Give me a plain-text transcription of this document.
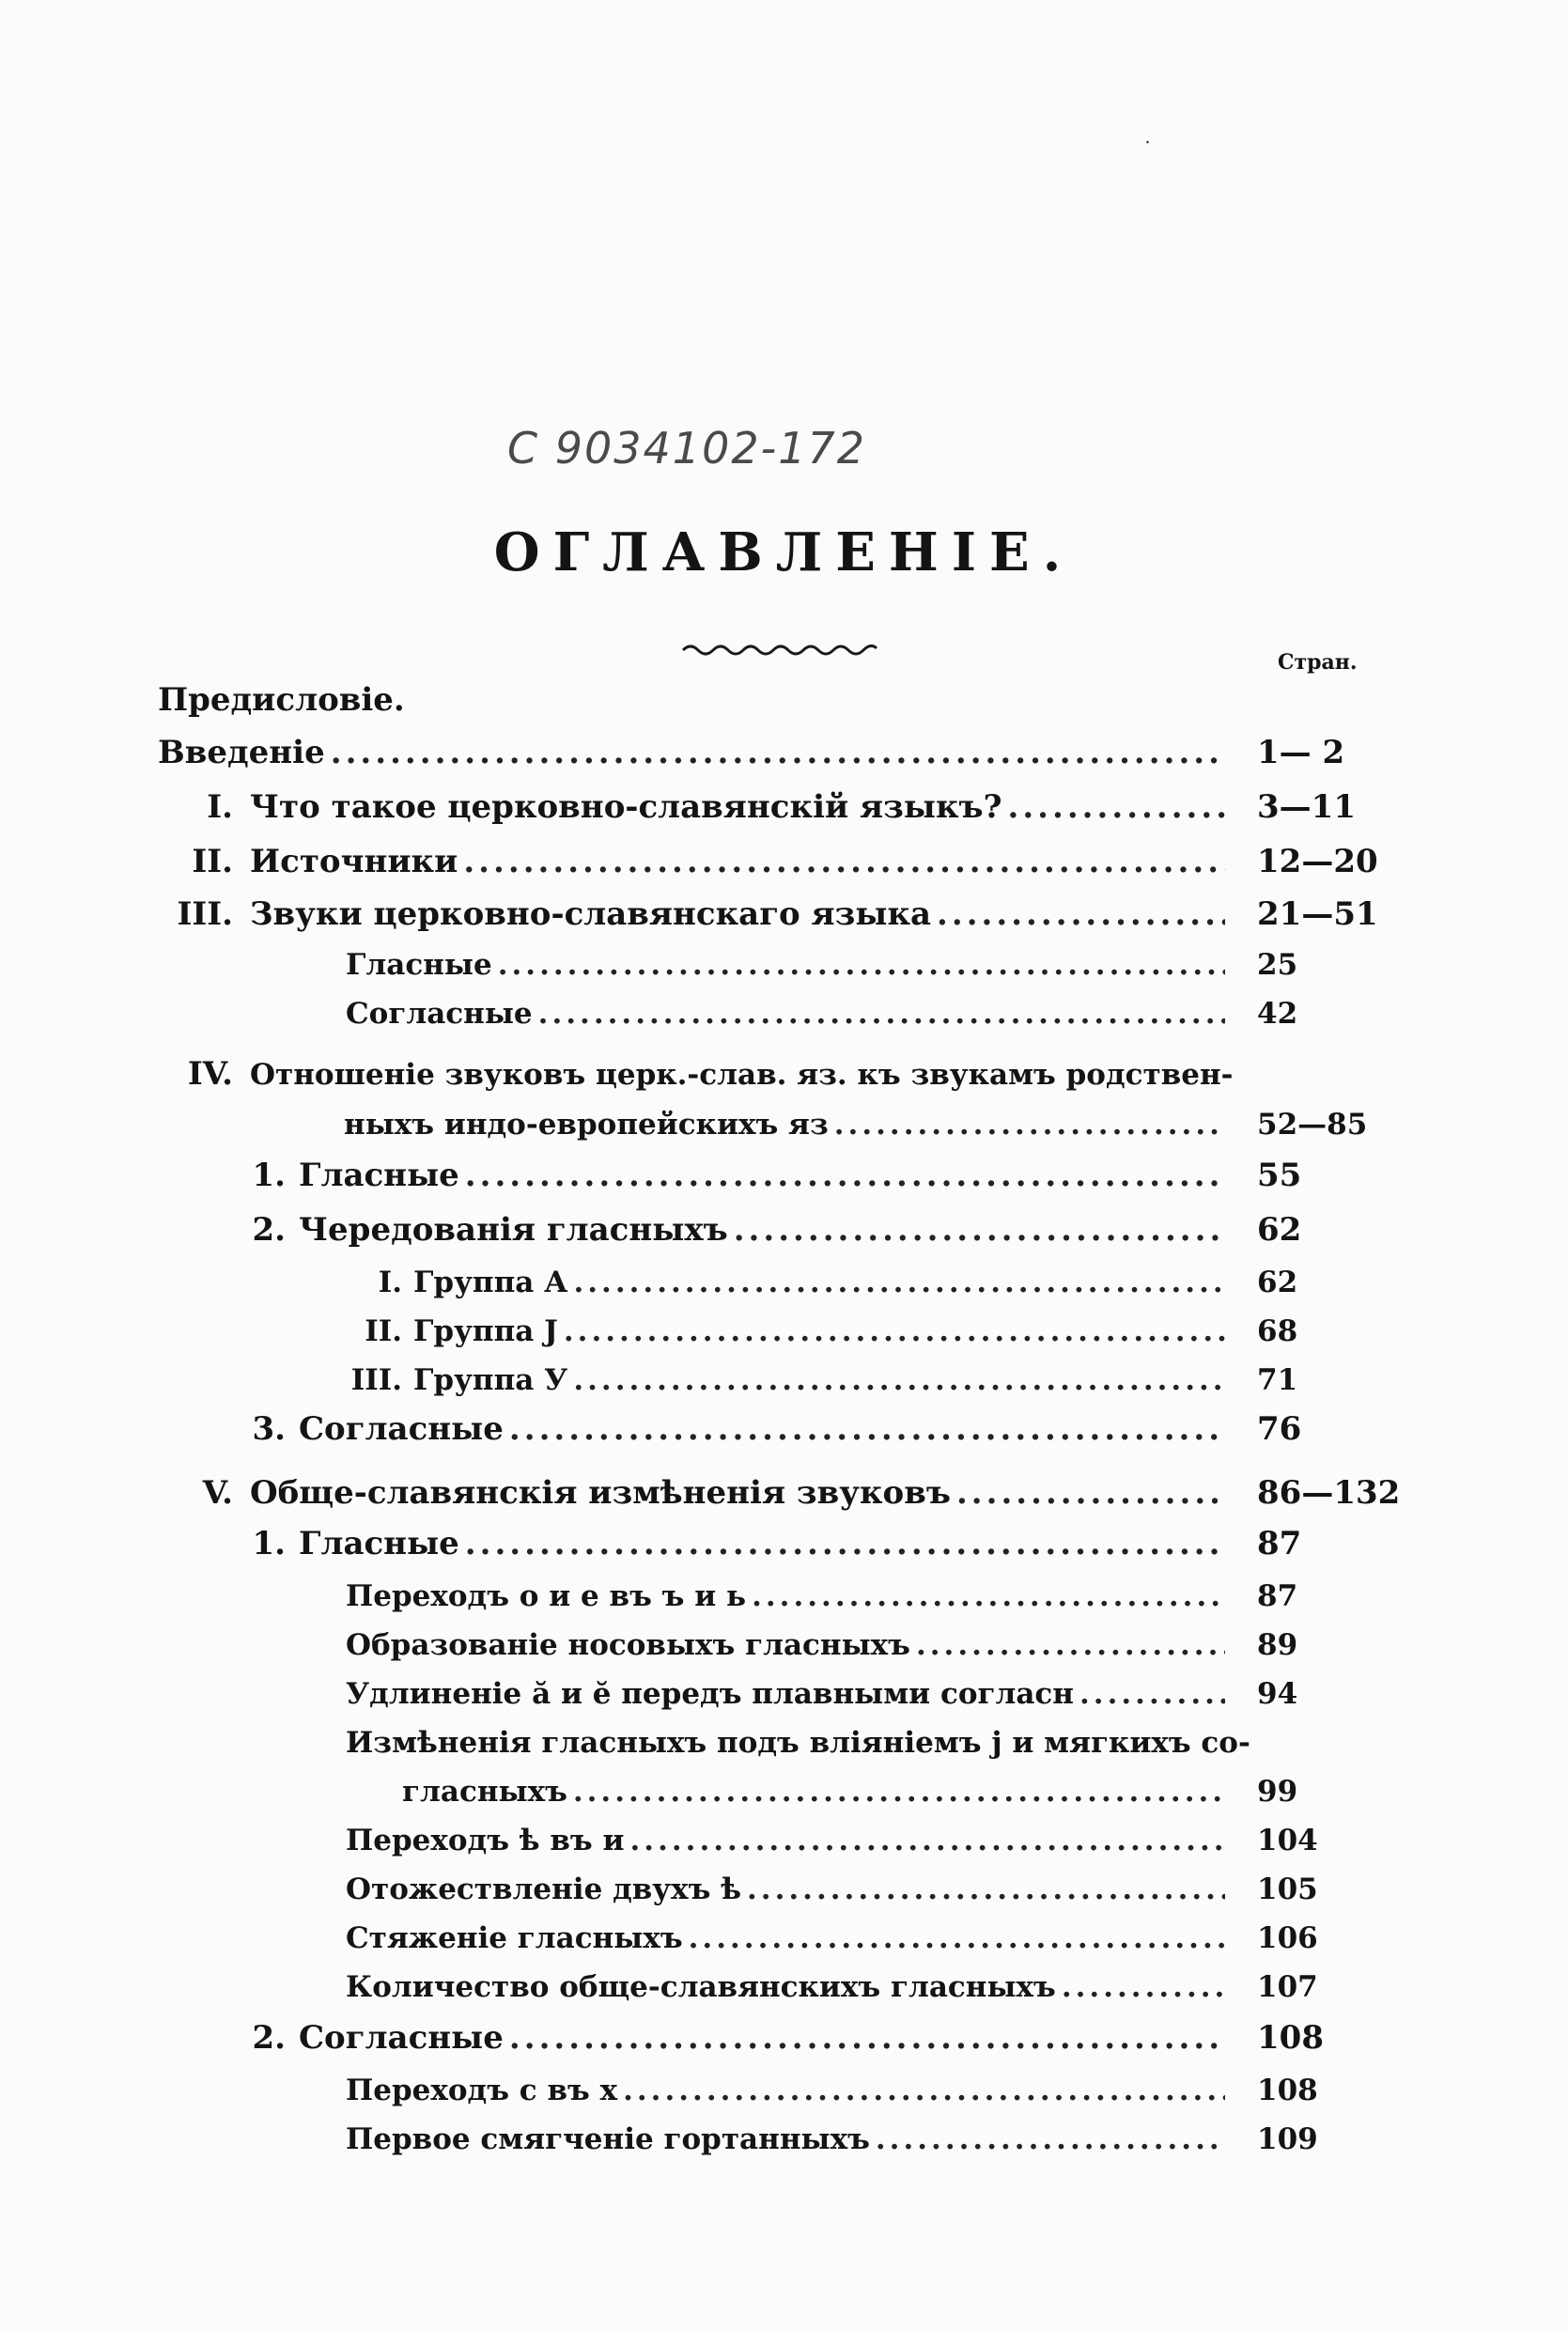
˙
С 9034102-172
ОГЛАВЛЕНІЕ.
Стран.
Предисловіе.
Введеніе .....	1— 2
I. Что такое церковно-славянскій языкъ? .....	3—11
II. Источники .....	12—20
III. Звуки церковно-славянскаго языка .....	21—51
Гласные .....	25
Согласные .....	42
IV. Отношеніе звуковъ церк.-слав. яз. къ звукамъ родствен-
ныхъ индо-европейскихъ яз .....	52—85
1. Гласные .....	55
2. Чередованія гласныхъ .....	62
I. Группа А .....	62
II. Группа J .....	68
III. Группа У .....	71
3. Согласные .....	76
V. Обще-славянскія измѣненія звуковъ .....	86—132
1. Гласные .....	87
Переходъ о и е въ ъ и ь .....	87
Образованіе носовыхъ гласныхъ .....	89
Удлиненіе ă и ĕ передъ плавными согласн .....	94
Измѣненія гласныхъ подъ вліяніемъ j и мягкихъ со-
гласныхъ .....	99
Переходъ ѣ въ и .....	104
Отожествленіе двухъ ѣ .....	105
Стяженіе гласныхъ .....	106
Количество обще-славянскихъ гласныхъ .....	107
2. Согласные .....	108
Переходъ с въ х .....	108
Первое смягченіе гортанныхъ .....	109
